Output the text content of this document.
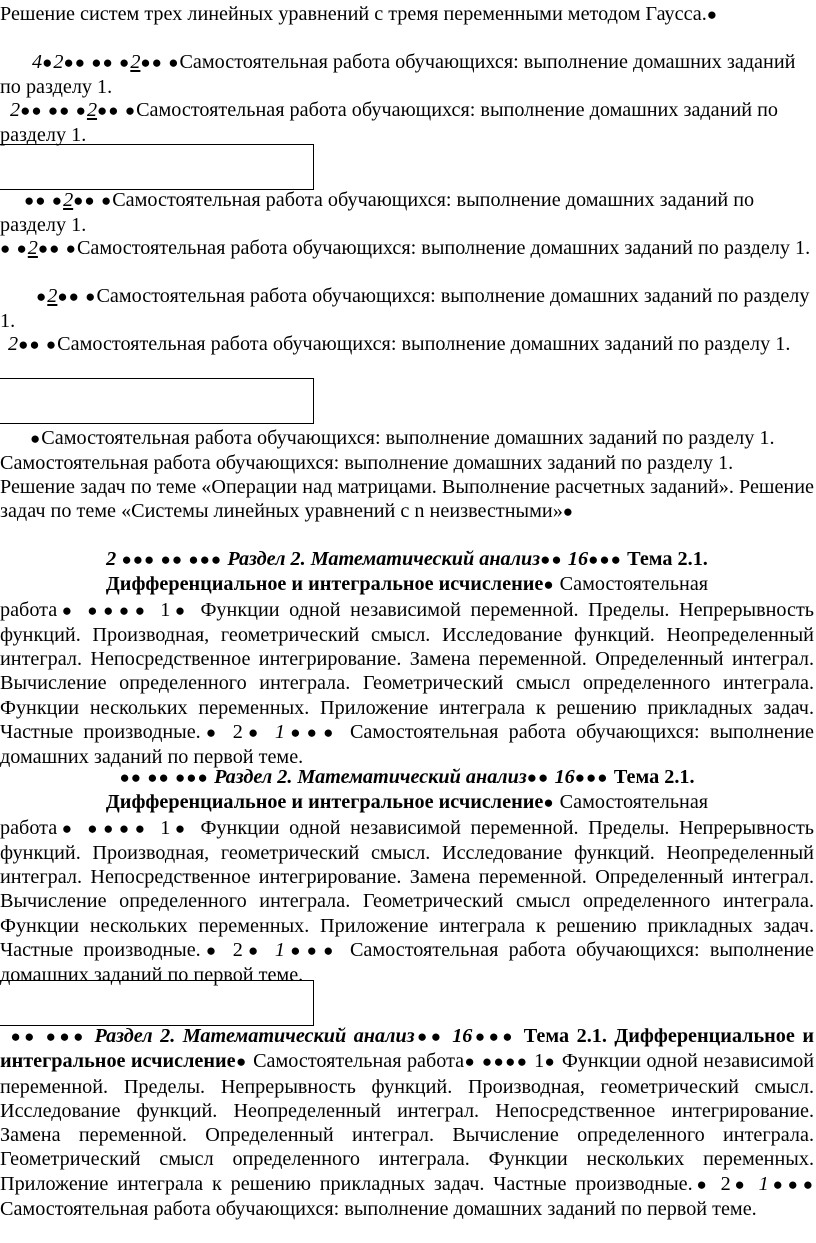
Решение систем трех линейных уравнений с тремя переменными методом Гаусса.●

4●2●● ●● ●2●● ●Самостоятельная работа обучающихся: выполнение домашних заданий по разделу 1.

2●● ●● ●2●● ●Самостоятельная работа обучающихся: выполнение домашних заданий по разделу 1.

●● ●2●● ●Самостоятельная работа обучающихся: выполнение домашних заданий по разделу 1.

● ●2●● ●Самостоятельная работа обучающихся: выполнение домашних заданий по разделу 1.

●2●● ●Самостоятельная работа обучающихся: выполнение домашних заданий по разделу 1.

2●● ●Самостоятельная работа обучающихся: выполнение домашних заданий по разделу 1.

●Самостоятельная работа обучающихся: выполнение домашних заданий по разделу 1.
Самостоятельная работа обучающихся: выполнение домашних заданий по разделу 1.

Решение задач по теме «Операции над матрицами. Выполнение расчетных заданий». Решение задач по теме «Системы линейных уравнений с n неизвестными»●

2 ●●● ●● ●●● Раздел 2. Математический анализ●● 16●●● Тема 2.1.
Дифференциальное и интегральное исчисление● Самостоятельная
работа● ●●●● 1● Функции одной независимой переменной. Пределы. Непрерывность функций. Производная, геометрический смысл. Исследование функций. Неопределенный интеграл. Непосредственное интегрирование. Замена переменной. Определенный интеграл. Вычисление определенного интеграла. Геометрический смысл определенного интеграла. Функции нескольких переменных. Приложение интеграла к решению прикладных задач. Частные производные.● 2● 1●●● Самостоятельная работа обучающихся: выполнение домашних заданий по первой теме.
●● ●● ●●● Раздел 2. Математический анализ●● 16●●● Тема 2.1.
Дифференциальное и интегральное исчисление● Самостоятельная
работа● ●●●● 1● Функции одной независимой переменной. Пределы. Непрерывность функций. Производная, геометрический смысл. Исследование функций. Неопределенный интеграл. Непосредственное интегрирование. Замена переменной. Определенный интеграл. Вычисление определенного интеграла. Геометрический смысл определенного интеграла. Функции нескольких переменных. Приложение интеграла к решению прикладных задач. Частные производные.● 2● 1●●● Самостоятельная работа обучающихся: выполнение домашних заданий по первой теме.
●● ●●● Раздел 2. Математический анализ●● 16●●● Тема 2.1. Дифференциальное и интегральное исчисление● Самостоятельная работа● ●●●● 1● Функции одной независимой переменной. Пределы. Непрерывность функций. Производная, геометрический смысл. Исследование функций. Неопределенный интеграл. Непосредственное интегрирование. Замена переменной. Определенный интеграл. Вычисление определенного интеграла. Геометрический смысл определенного интеграла. Функции нескольких переменных. Приложение интеграла к решению прикладных задач. Частные производные.● 2● 1●●● Самостоятельная работа обучающихся: выполнение домашних заданий по первой теме.
